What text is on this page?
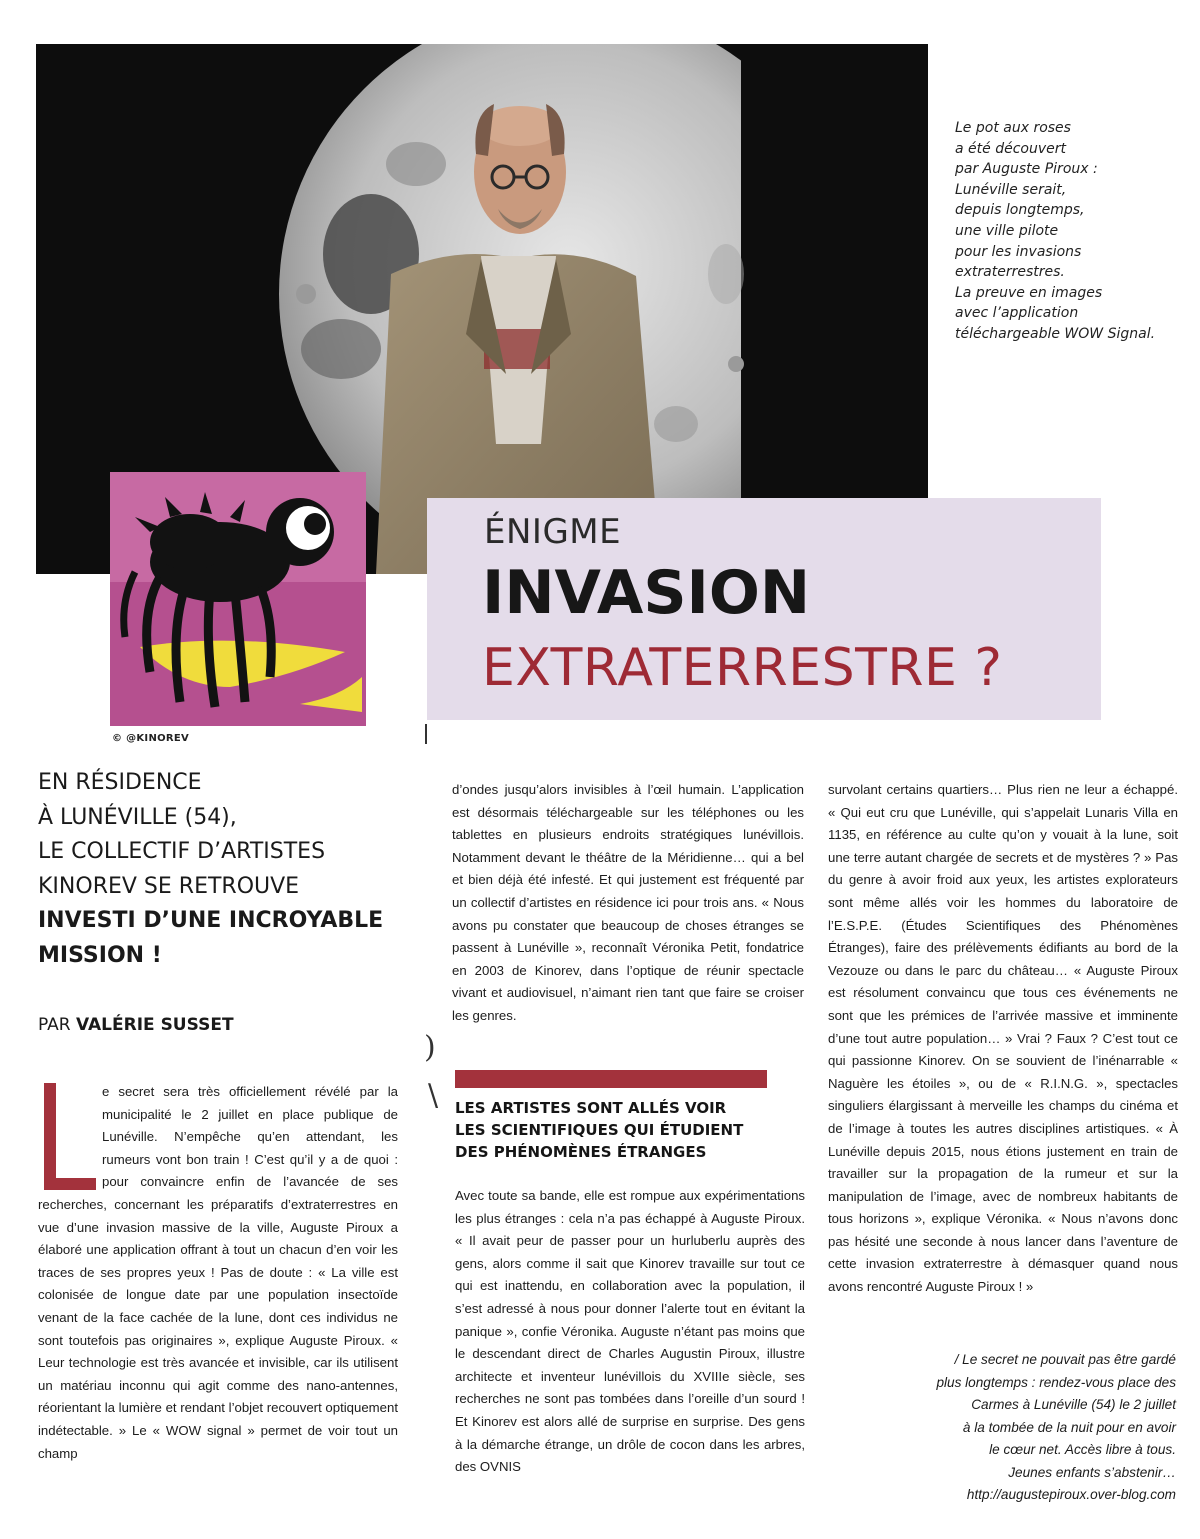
Le pot aux roses
a été découvert
par Auguste Piroux :
Lunéville serait,
depuis longtemps,
une ville pilote
pour les invasions
extraterrestres.
La preuve en images
avec l’application
téléchargeable WOW Signal.
© @KINOREV
ÉNIGME
INVASION
EXTRATERRESTRE ?
EN RÉSIDENCE
À LUNÉVILLE (54),
LE COLLECTIF D’ARTISTES
KINOREV SE RETROUVE
INVESTI D’UNE INCROYABLE
MISSION !
PAR VALÉRIE SUSSET
e secret sera très officiellement révélé par la municipalité le 2 juillet en place publique de Lunéville. N’empêche qu’en attendant, les rumeurs vont bon train ! C’est qu’il y a de quoi : pour convaincre enfin de l’avancée de ses recherches, concernant les préparatifs d’extraterrestres en vue d’une invasion massive de la ville, Auguste Piroux a élaboré une application offrant à tout un chacun d’en voir les traces de ses propres yeux ! Pas de doute : « La ville est colonisée de longue date par une population insectoïde venant de la face cachée de la lune, dont ces individus ne sont toutefois pas originaires », explique Auguste Piroux. « Leur technologie est très avancée et invisible, car ils utilisent un matériau inconnu qui agit comme des nano-antennes, réorientant la lumière et rendant l’objet recouvert optiquement indétectable. » Le « WOW signal » permet de voir tout un champ
d’ondes jusqu’alors invisibles à l’œil humain. L’application est désormais téléchargeable sur les téléphones ou les tablettes en plusieurs endroits stratégiques lunévillois. Notamment devant le théâtre de la Méridienne… qui a bel et bien déjà été infesté. Et qui justement est fréquenté par un collectif d’artistes en résidence ici pour trois ans. « Nous avons pu constater que beaucoup de choses étranges se passent à Lunéville », reconnaît Véronika Petit, fondatrice en 2003 de Kinorev, dans l’optique de réunir spectacle vivant et audiovisuel, n’aimant rien tant que faire se croiser les genres.
)
\ LES ARTISTES SONT ALLÉS VOIR
LES SCIENTIFIQUES QUI ÉTUDIENT
DES PHÉNOMÈNES ÉTRANGES
Avec toute sa bande, elle est rompue aux expérimentations les plus étranges : cela n’a pas échappé à Auguste Piroux. « Il avait peur de passer pour un hurluberlu auprès des gens, alors comme il sait que Kinorev travaille sur tout ce qui est inattendu, en collaboration avec la population, il s’est adressé à nous pour donner l’alerte tout en évitant la panique », confie Véronika. Auguste n’étant pas moins que le descendant direct de Charles Augustin Piroux, illustre architecte et inventeur lunévillois du XVIIIe siècle, ses recherches ne sont pas tombées dans l’oreille d’un sourd ! Et Kinorev est alors allé de surprise en surprise. Des gens à la démarche étrange, un drôle de cocon dans les arbres, des OVNIS
survolant certains quartiers… Plus rien ne leur a échappé. « Qui eut cru que Lunéville, qui s’appelait Lunaris Villa en 1135, en référence au culte qu’on y vouait à la lune, soit une terre autant chargée de secrets et de mystères ? » Pas du genre à avoir froid aux yeux, les artistes explorateurs sont même allés voir les hommes du laboratoire de l’E.S.P.E. (Études Scientifiques des Phénomènes Étranges), faire des prélèvements édifiants au bord de la Vezouze ou dans le parc du château… « Auguste Piroux est résolument convaincu que tous ces événements ne sont que les prémices de l’arrivée massive et imminente d’une tout autre population… » Vrai ? Faux ? C’est tout ce qui passionne Kinorev. On se souvient de l’inénarrable « Naguère les étoiles », ou de « R.I.N.G. », spectacles singuliers élargissant à merveille les champs du cinéma et de l’image à toutes les autres disciplines artistiques. « À Lunéville depuis 2015, nous étions justement en train de travailler sur la propagation de la rumeur et sur la manipulation de l’image, avec de nombreux habitants de tous horizons », explique Véronika. « Nous n’avons donc pas hésité une seconde à nous lancer dans l’aventure de cette invasion extraterrestre à démasquer quand nous avons rencontré Auguste Piroux ! »
/ Le secret ne pouvait pas être gardé
plus longtemps : rendez-vous place des
Carmes à Lunéville (54) le 2 juillet
à la tombée de la nuit pour en avoir
le cœur net. Accès libre à tous.
Jeunes enfants s’abstenir…
http://augustepiroux.over-blog.com
